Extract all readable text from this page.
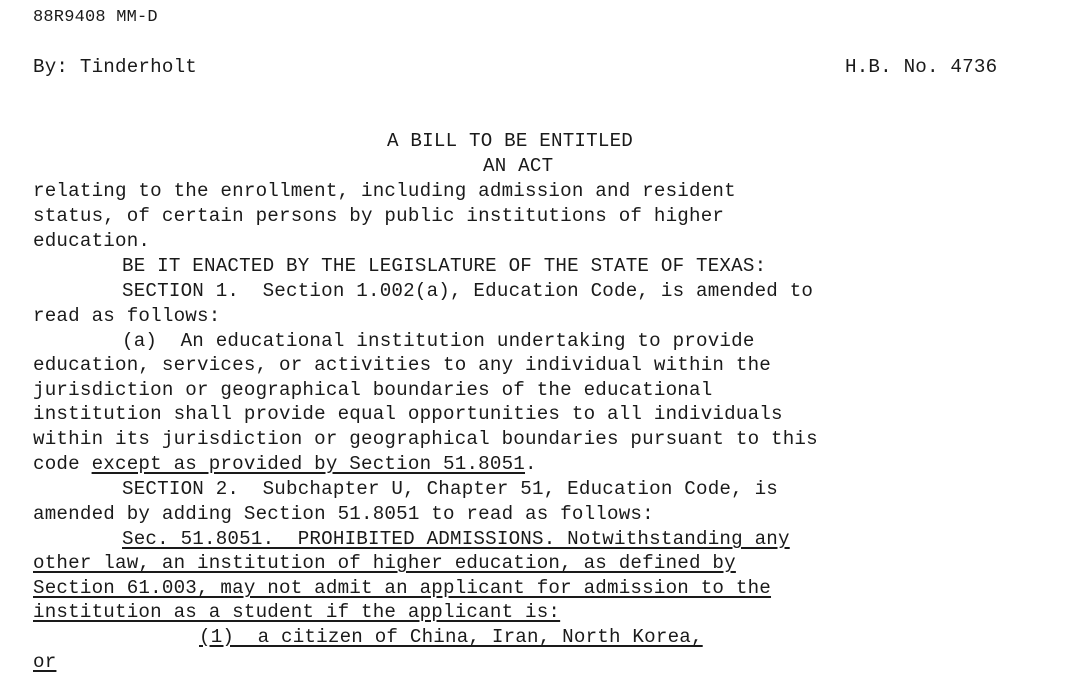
88R9408 MM-D
By: Tinderholt	H.B. No. 4736
A BILL TO BE ENTITLED
AN ACT
relating to the enrollment, including admission and resident
status, of certain persons by public institutions of higher
education.
BE IT ENACTED BY THE LEGISLATURE OF THE STATE OF TEXAS:
SECTION 1.  Section 1.002(a), Education Code, is amended to
read as follows:
(a)  An educational institution undertaking to provide
education, services, or activities to any individual within the
jurisdiction or geographical boundaries of the educational
institution shall provide equal opportunities to all individuals
within its jurisdiction or geographical boundaries pursuant to this
code except as provided by Section 51.8051.
SECTION 2.  Subchapter U, Chapter 51, Education Code, is
amended by adding Section 51.8051 to read as follows:
Sec. 51.8051.  PROHIBITED ADMISSIONS. Notwithstanding any
other law, an institution of higher education, as defined by
Section 61.003, may not admit an applicant for admission to the
institution as a student if the applicant is:
(1)  a citizen of China, Iran, North Korea,
or
